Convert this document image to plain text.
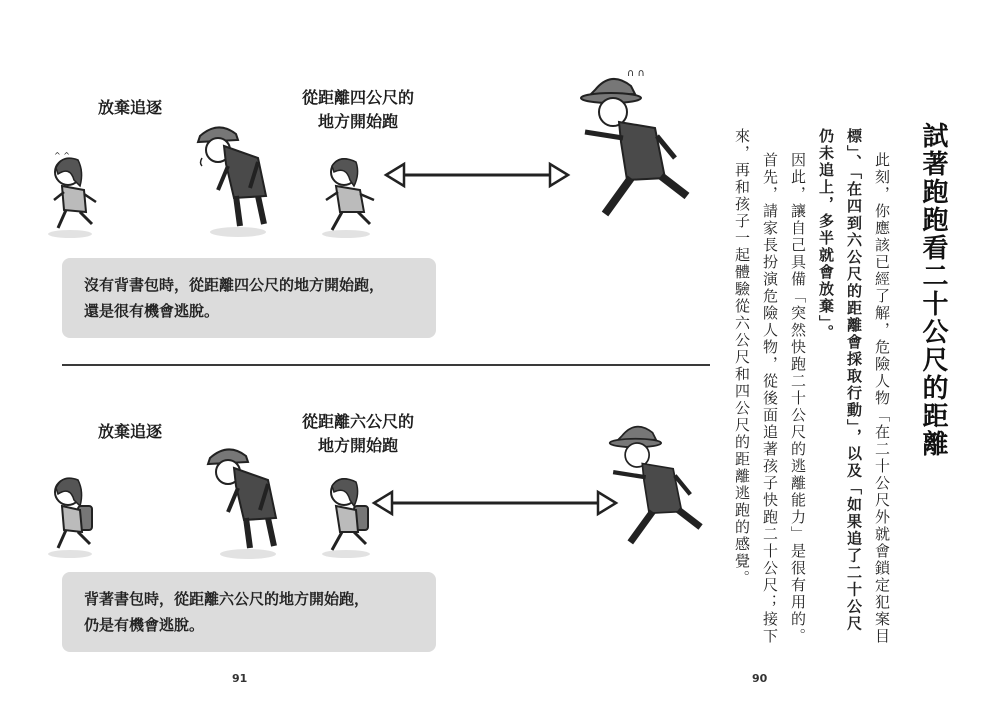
放棄追逐
從距離四公尺的
地方開始跑
^ ^
∩ ∩
沒有背書包時，從距離四公尺的地方開始跑，
還是很有機會逃脫。
放棄追逐
從距離六公尺的
地方開始跑
背著書包時，從距離六公尺的地方開始跑，
仍是有機會逃脫。
91
試著跑跑看二十公尺的距離
此刻，你應該已經了解，危險人物「在二十公尺外就會鎖定犯案目
標」、「在四到六公尺的距離會採取行動」，以及「如果追了二十公尺
仍未追上，多半就會放棄」。
因此，讓自己具備「突然快跑二十公尺的逃離能力」是很有用的。
首先，請家長扮演危險人物，從後面追著孩子快跑二十公尺；接下
來，再和孩子一起體驗從六公尺和四公尺的距離逃跑的感覺。
90
